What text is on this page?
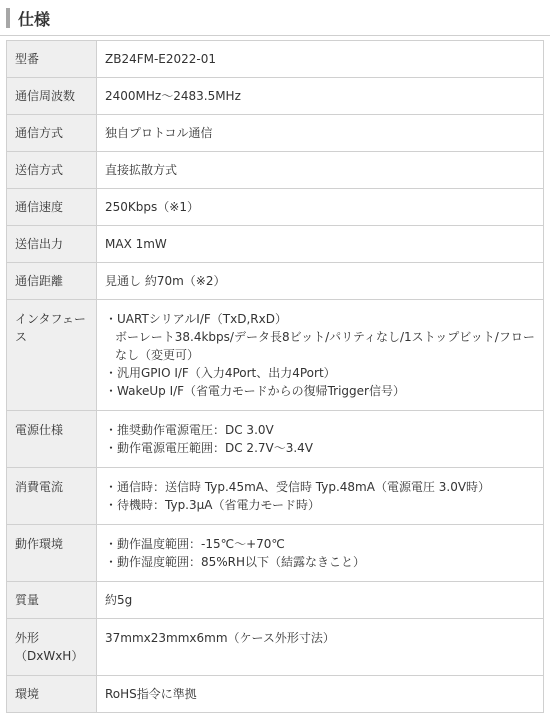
仕様
型番	ZB24FM-E2022-01
通信周波数	2400MHz〜2483.5MHz
通信方式	独自プロトコル通信
送信方式	直接拡散方式
通信速度	250Kbps（※1）
送信出力	MAX 1mW
通信距離	見通し 約70m（※2）
インタフェース	・UARTシリアルI/F（TxD,RxD）
ボーレート38.4kbps/データ長8ビット/パリティなし/1ストップビット/フローなし（変更可）
・汎用GPIO I/F（入力4Port、出力4Port）
・WakeUp I/F（省電力モードからの復帰Trigger信号）

電源仕様	・推奨動作電源電圧：DC 3.0V
・動作電源電圧範囲：DC 2.7V〜3.4V

消費電流	・通信時：送信時 Typ.45mA、受信時 Typ.48mA（電源電圧 3.0V時）
・待機時：Typ.3μA（省電力モード時）

動作環境	・動作温度範囲：-15℃〜+70℃
・動作湿度範囲：85%RH以下（結露なきこと）

質量	約5g

外形
（DxWxH）	37mmx23mmx6mm（ケース外形寸法）
環境	RoHS指令に準拠
